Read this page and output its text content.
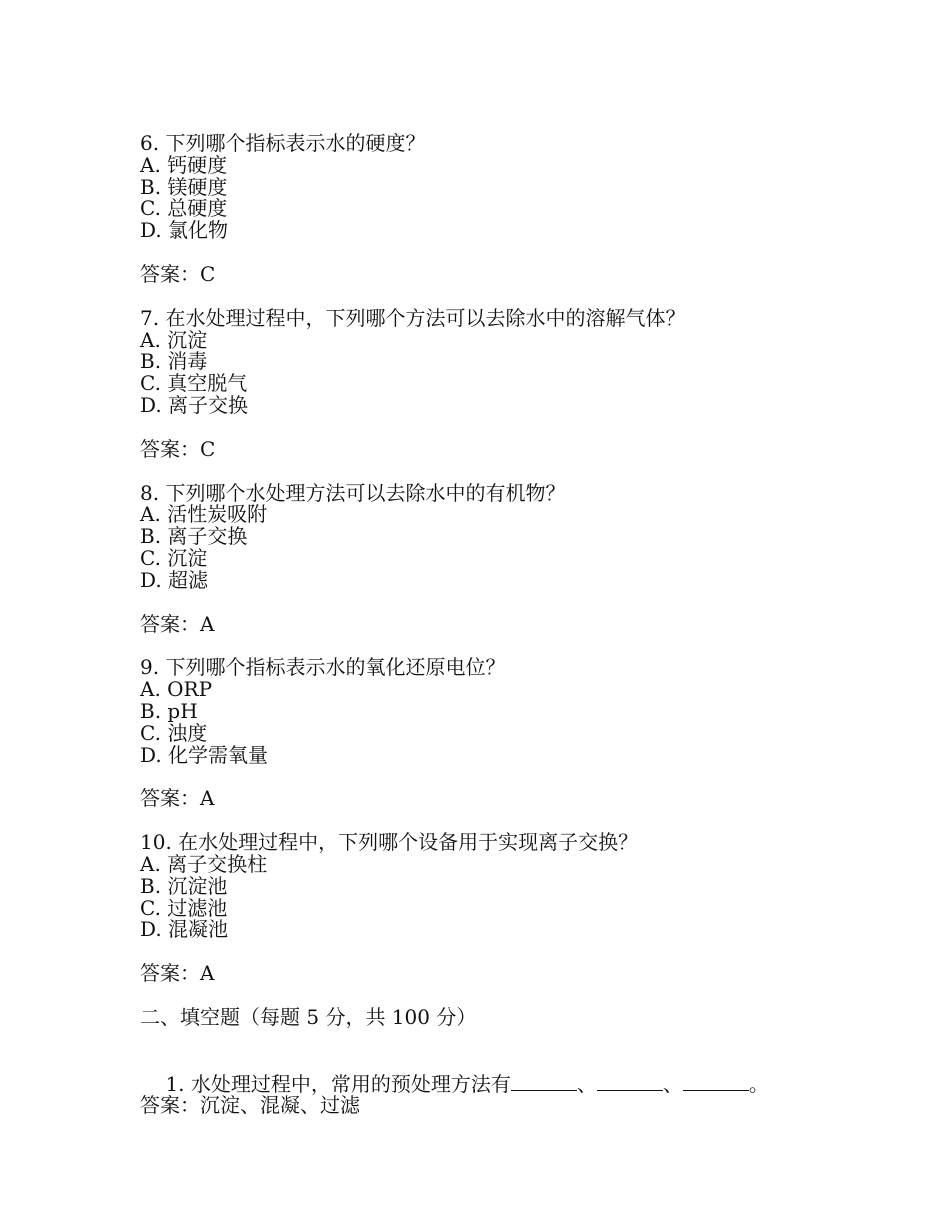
6. 下列哪个指标表示水的硬度？
A. 钙硬度
B. 镁硬度
C. 总硬度
D. 氯化物
答案：C
7. 在水处理过程中，下列哪个方法可以去除水中的溶解气体？
A. 沉淀
B. 消毒
C. 真空脱气
D. 离子交换
答案：C
8. 下列哪个水处理方法可以去除水中的有机物？
A. 活性炭吸附
B. 离子交换
C. 沉淀
D. 超滤
答案：A
9. 下列哪个指标表示水的氧化还原电位？
A. ORP
B. pH
C. 浊度
D. 化学需氧量
答案：A
10. 在水处理过程中，下列哪个设备用于实现离子交换？
A. 离子交换柱
B. 沉淀池
C. 过滤池
D. 混凝池
答案：A
二、填空题（每题 5 分，共 100 分）

1. 水处理过程中，常用的预处理方法有	、	、	。

答案：沉淀、混凝、过滤
